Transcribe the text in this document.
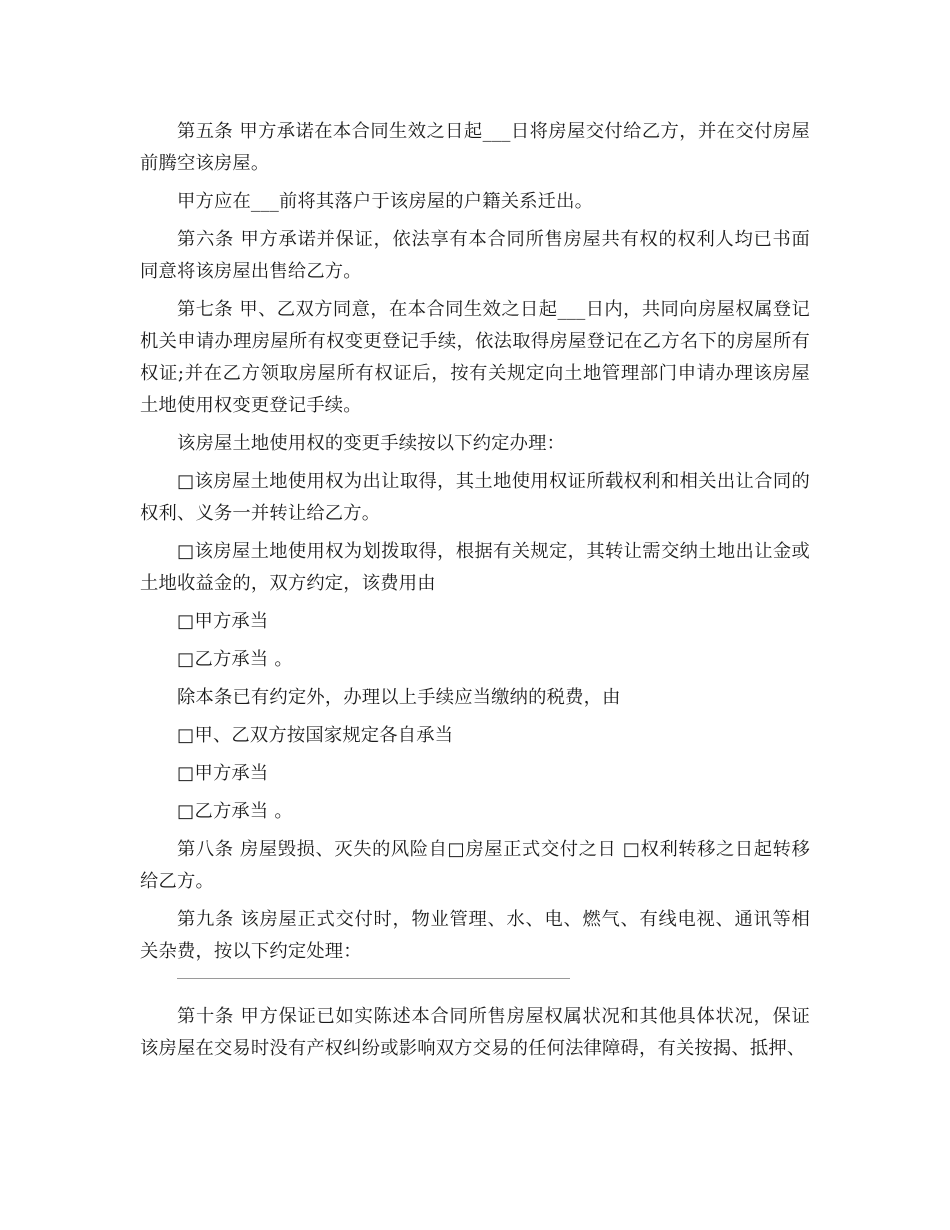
第五条 甲方承诺在本合同生效之日起___日将房屋交付给乙方，并在交付房屋前腾空该房屋。

甲方应在___前将其落户于该房屋的户籍关系迁出。

第六条 甲方承诺并保证，依法享有本合同所售房屋共有权的权利人均已书面同意将该房屋出售给乙方。

第七条 甲、乙双方同意，在本合同生效之日起___日内，共同向房屋权属登记机关申请办理房屋所有权变更登记手续，依法取得房屋登记在乙方名下的房屋所有权证;并在乙方领取房屋所有权证后，按有关规定向土地管理部门申请办理该房屋土地使用权变更登记手续。

该房屋土地使用权的变更手续按以下约定办理：

□该房屋土地使用权为出让取得，其土地使用权证所载权利和相关出让合同的权利、义务一并转让给乙方。

□该房屋土地使用权为划拨取得，根据有关规定，其转让需交纳土地出让金或土地收益金的，双方约定，该费用由

□甲方承当

□乙方承当 。

除本条已有约定外，办理以上手续应当缴纳的税费，由

□甲、乙双方按国家规定各自承当

□甲方承当

□乙方承当 。

第八条 房屋毁损、灭失的风险自□房屋正式交付之日 □权利转移之日起转移给乙方。

第九条 该房屋正式交付时，物业管理、水、电、燃气、有线电视、通讯等相关杂费，按以下约定处理：

第十条 甲方保证已如实陈述本合同所售房屋权属状况和其他具体状况，保证该房屋在交易时没有产权纠纷或影响双方交易的任何法律障碍，有关按揭、抵押、
